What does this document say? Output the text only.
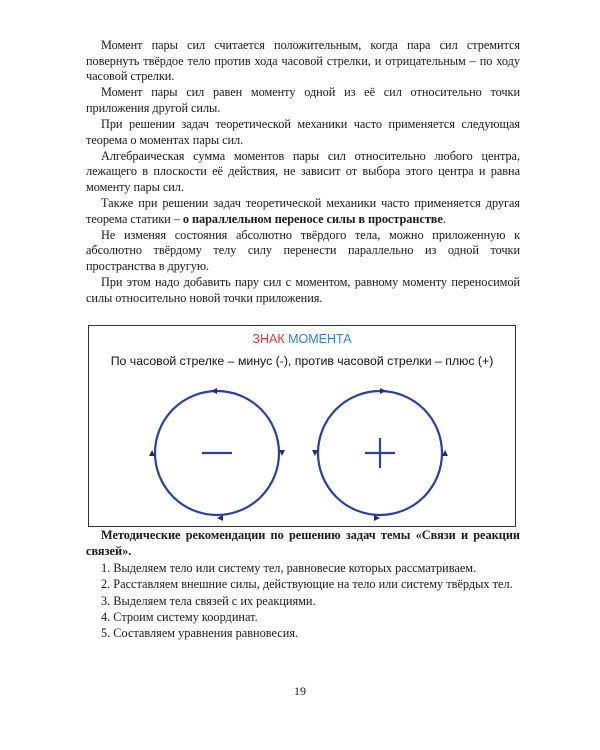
Момент пары сил считается положительным, когда пара сил стремится повернуть твёрдое тело против хода часовой стрелки, и отрицательным – по ходу часовой стрелки.

Момент пары сил равен моменту одной из её сил относительно точки приложения другой силы.

При решении задач теоретической механики часто применяется следующая теорема о моментах пары сил.

Алгебраическая сумма моментов пары сил относительно любого центра, лежащего в плоскости её действия, не зависит от выбора этого центра и равна моменту пары сил.

Также при решении задач теоретической механики часто применяется другая теорема статики – о параллельном переносе силы в пространстве.

Не изменяя состояния абсолютно твёрдого тела, можно приложенную к абсолютно твёрдому телу силу перенести параллельно из одной точки пространства в другую.

При этом надо добавить пару сил с моментом, равному моменту переносимой силы относительно новой точки приложения.

ЗНАК МОМЕНТА
По часовой стрелке – минус (-), против часовой стрелки – плюс (+)

Методические рекомендации по решению задач темы «Связи и реакции связей».

1. Выделяем тело или систему тел, равновесие которых рассматриваем.

2. Расставляем внешние силы, действующие на тело или систему твёрдых тел.

3. Выделяем тела связей с их реакциями.

4. Строим систему координат.

5. Составляем уравнения равновесия.

19
